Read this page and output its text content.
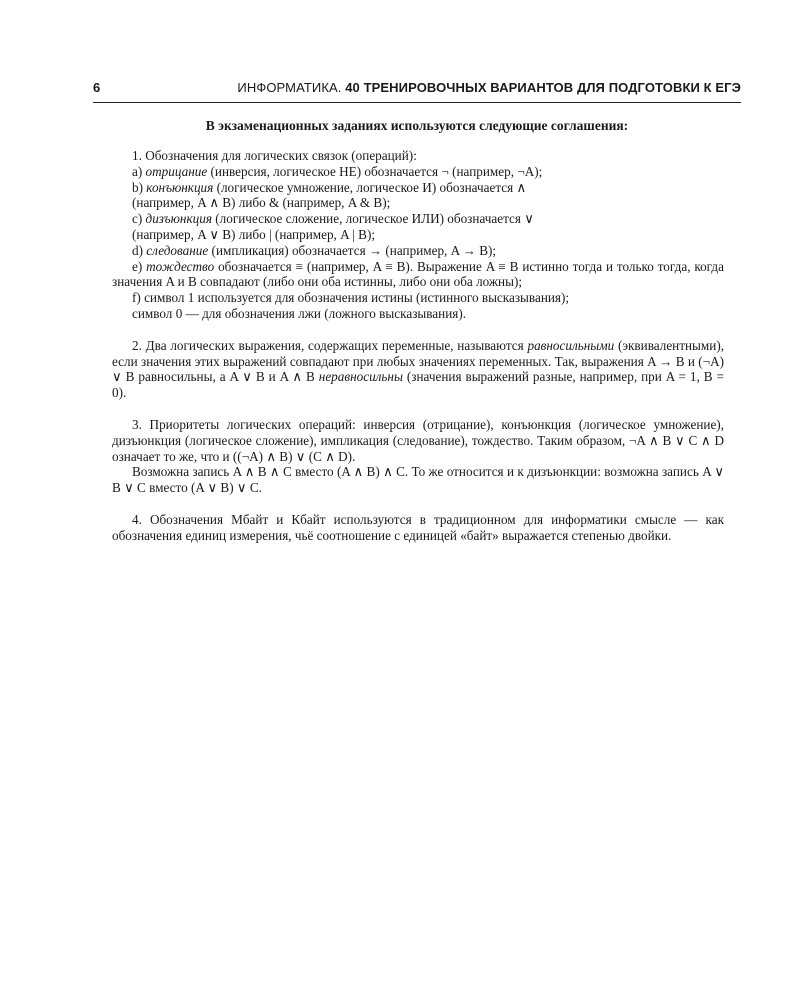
6	ИНФОРМАТИКА. 40 ТРЕНИРОВОЧНЫХ ВАРИАНТОВ ДЛЯ ПОДГОТОВКИ К ЕГЭ
В экзаменационных заданиях используются следующие соглашения:

1. Обозначения для логических связок (операций):

a) отрицание (инверсия, логическое НЕ) обозначается ¬ (например, ¬A);

b) конъюнкция (логическое умножение, логическое И) обозначается ∧

(например, A ∧ B) либо & (например, A & B);

c) дизъюнкция (логическое сложение, логическое ИЛИ) обозначается ∨

(например, A ∨ B) либо | (например, A | B);

d) следование (импликация) обозначается → (например, A → B);

e) тождество обозначается ≡ (например, A ≡ B). Выражение A ≡ B истинно тогда и только тогда, когда значения A и B совпадают (либо они оба истинны, либо они оба ложны);

f) символ 1 используется для обозначения истины (истинного высказывания);

символ 0 — для обозначения лжи (ложного высказывания).

2. Два логических выражения, содержащих переменные, называются равносильными (эквивалентными), если значения этих выражений совпадают при любых значениях переменных. Так, выражения A → B и (¬A) ∨ B равносильны, а A ∨ B и A ∧ B неравносильны (значения выражений разные, например, при A = 1, B = 0).

3. Приоритеты логических операций: инверсия (отрицание), конъюнкция (логическое умножение), дизъюнкция (логическое сложение), импликация (следование), тождество. Таким образом, ¬A ∧ B ∨ C ∧ D означает то же, что и ((¬A) ∧ B) ∨ (C ∧ D).

Возможна запись A ∧ B ∧ C вместо (A ∧ B) ∧ C. То же относится и к дизъюнкции: возможна запись A ∨ B ∨ C вместо (A ∨ B) ∨ C.

4. Обозначения Мбайт и Кбайт используются в традиционном для информатики смысле — как обозначения единиц измерения, чьё соотношение с единицей «байт» выражается степенью двойки.
